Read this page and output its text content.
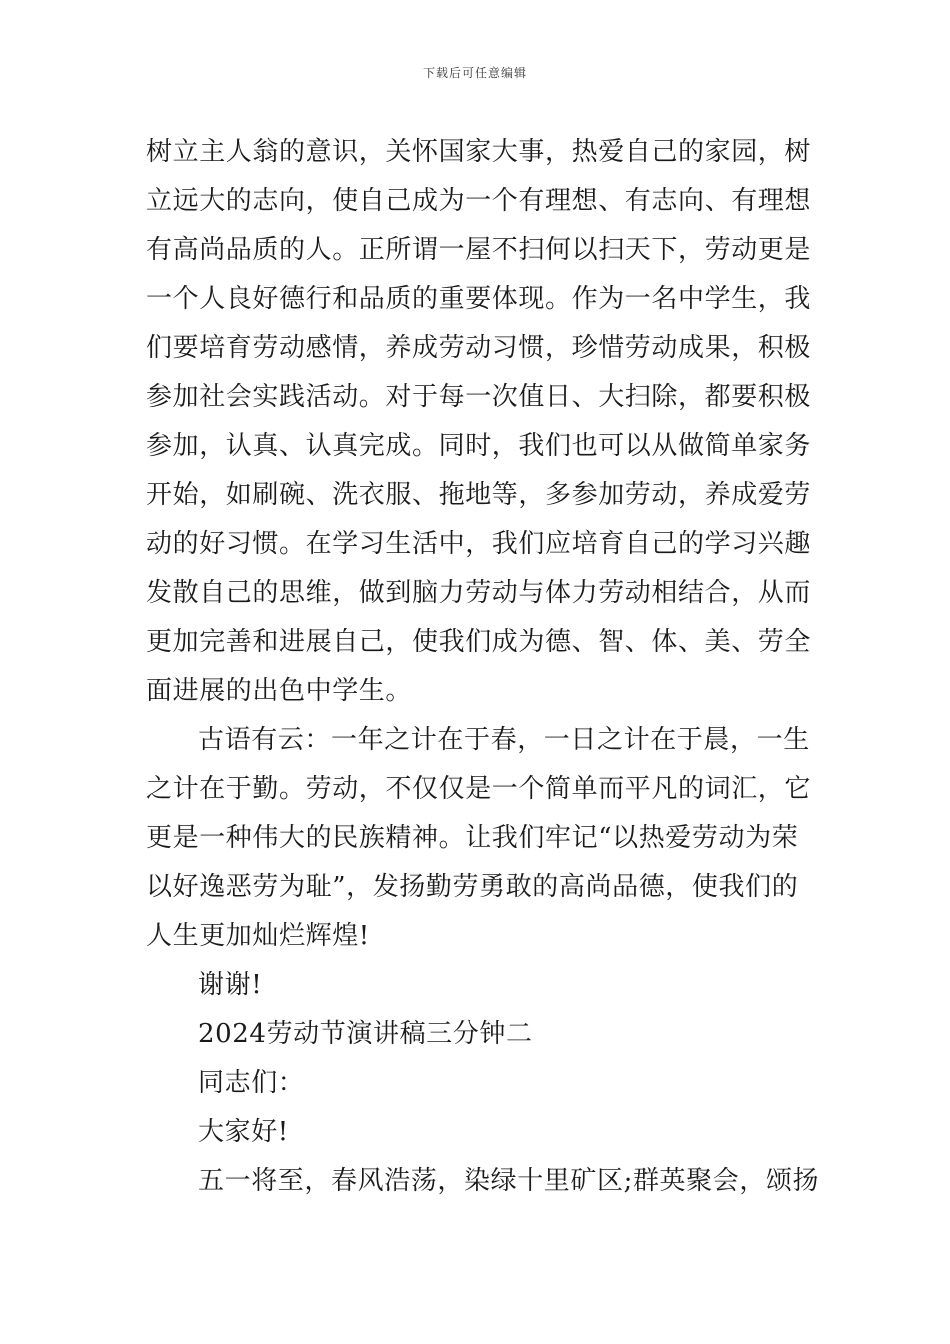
下载后可任意编辑
树立主人翁的意识，关怀国家大事，热爱自己的家园，树
立远大的志向，使自己成为一个有理想、有志向、有理想
有高尚品质的人。正所谓一屋不扫何以扫天下，劳动更是
一个人良好德行和品质的重要体现。作为一名中学生，我
们要培育劳动感情，养成劳动习惯，珍惜劳动成果，积极
参加社会实践活动。对于每一次值日、大扫除，都要积极
参加，认真、认真完成。同时，我们也可以从做简单家务
开始，如刷碗、洗衣服、拖地等，多参加劳动，养成爱劳
动的好习惯。在学习生活中，我们应培育自己的学习兴趣
发散自己的思维，做到脑力劳动与体力劳动相结合，从而
更加完善和进展自己，使我们成为德、智、体、美、劳全
面进展的出色中学生。
古语有云：一年之计在于春，一日之计在于晨，一生
之计在于勤。劳动，不仅仅是一个简单而平凡的词汇，它
更是一种伟大的民族精神。让我们牢记“以热爱劳动为荣
以好逸恶劳为耻”，发扬勤劳勇敢的高尚品德，使我们的
人生更加灿烂辉煌!
谢谢!
2024劳动节演讲稿三分钟二
同志们：
大家好!
五一将至，春风浩荡，染绿十里矿区;群英聚会，颂扬
